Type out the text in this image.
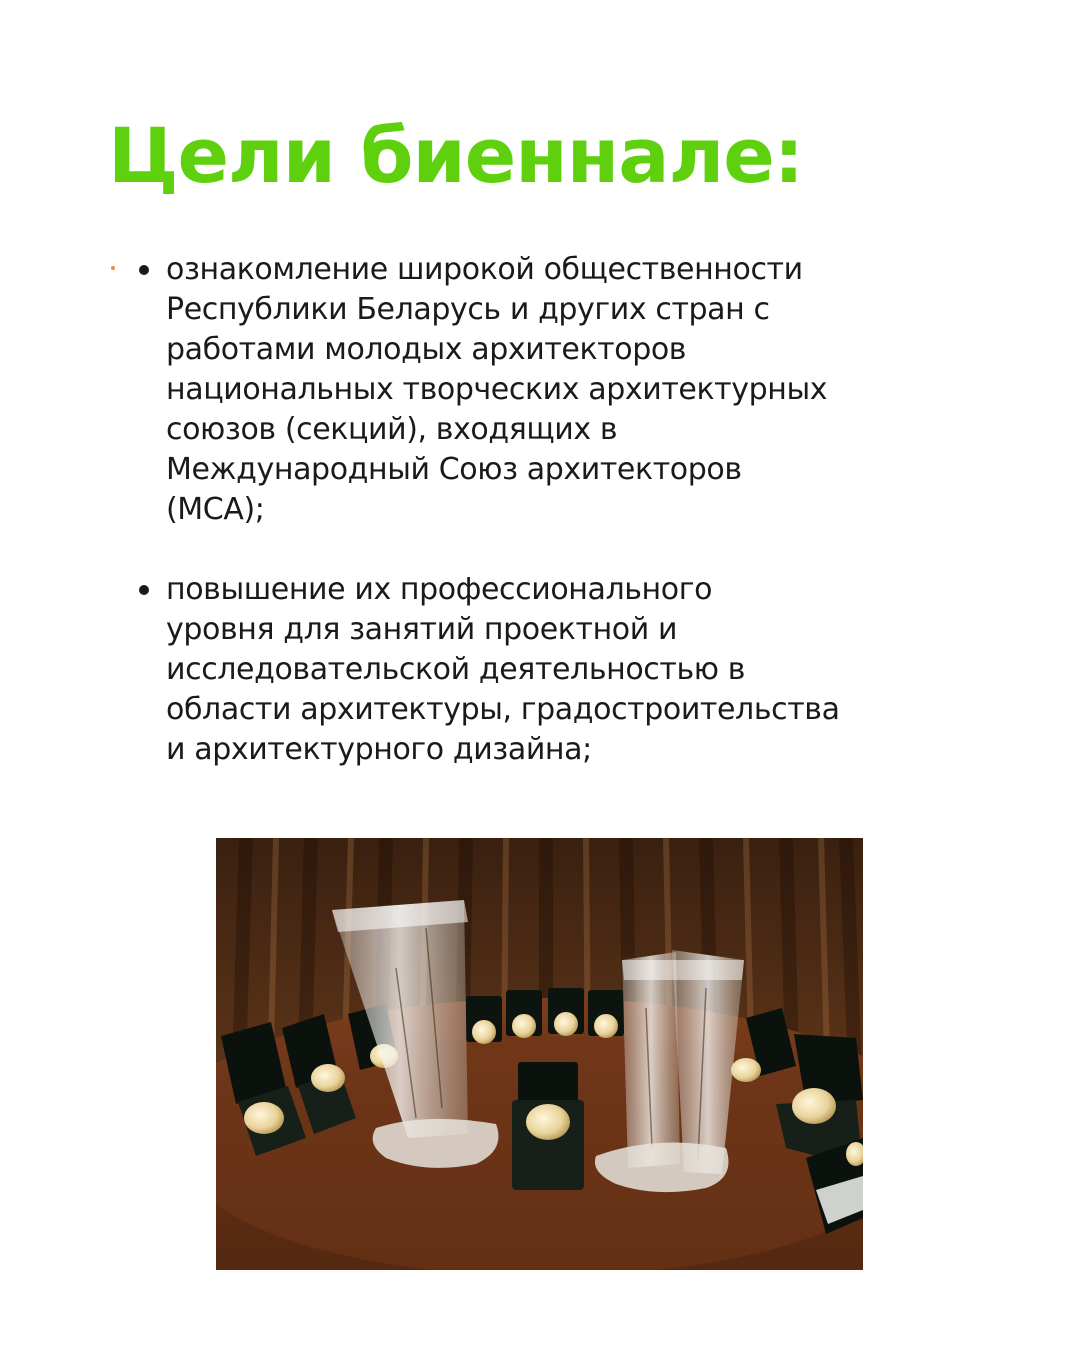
Цели биеннале:
ознакомление широкой общественности
Республики Беларусь и других стран с
работами молодых архитекторов
национальных творческих архитектурных
союзов (секций), входящих в
Международный Союз архитекторов
(МСА);
повышение их профессионального
уровня для занятий проектной и
исследовательской деятельностью в
области архитектуры, градостроительства
и архитектурного дизайна;
